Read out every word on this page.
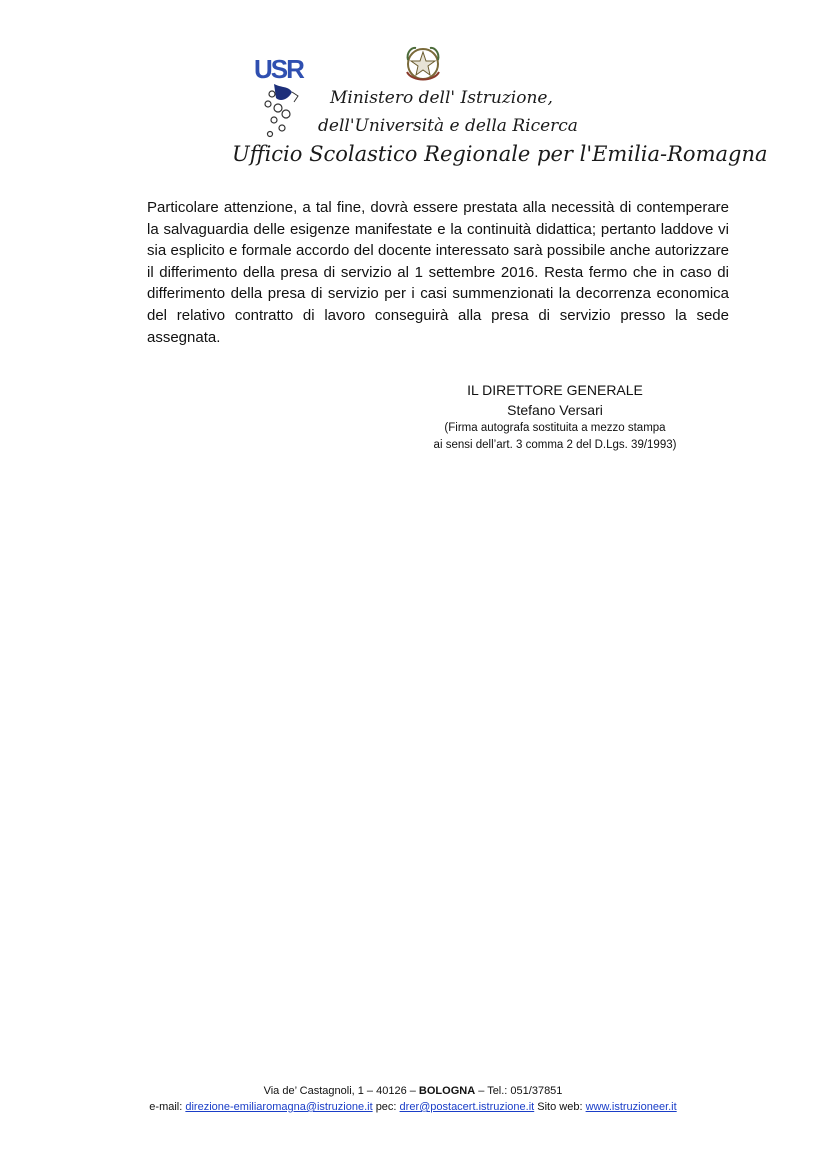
USR

Ministero dell' Istruzione,

dell'Università e della Ricerca

Ufficio Scolastico Regionale per l'Emilia-Romagna

Particolare attenzione, a tal fine, dovrà essere prestata alla necessità di contemperare la salvaguardia delle esigenze manifestate e la continuità didattica; pertanto laddove vi sia esplicito e formale accordo del docente interessato sarà possibile anche autorizzare il differimento della presa di servizio al 1 settembre 2016. Resta fermo che in caso di differimento della presa di servizio per i casi summenzionati la decorrenza economica del relativo contratto di lavoro conseguirà alla presa di servizio presso la sede assegnata.

IL DIRETTORE GENERALE
Stefano Versari
(Firma autografa sostituita a mezzo stampa
ai sensi dell’art. 3 comma 2 del D.Lgs. 39/1993)
Via de’ Castagnoli, 1 – 40126 – BOLOGNA – Tel.: 051/37851
e-mail: direzione-emiliaromagna@istruzione.it pec: drer@postacert.istruzione.it Sito web: www.istruzioneer.it
